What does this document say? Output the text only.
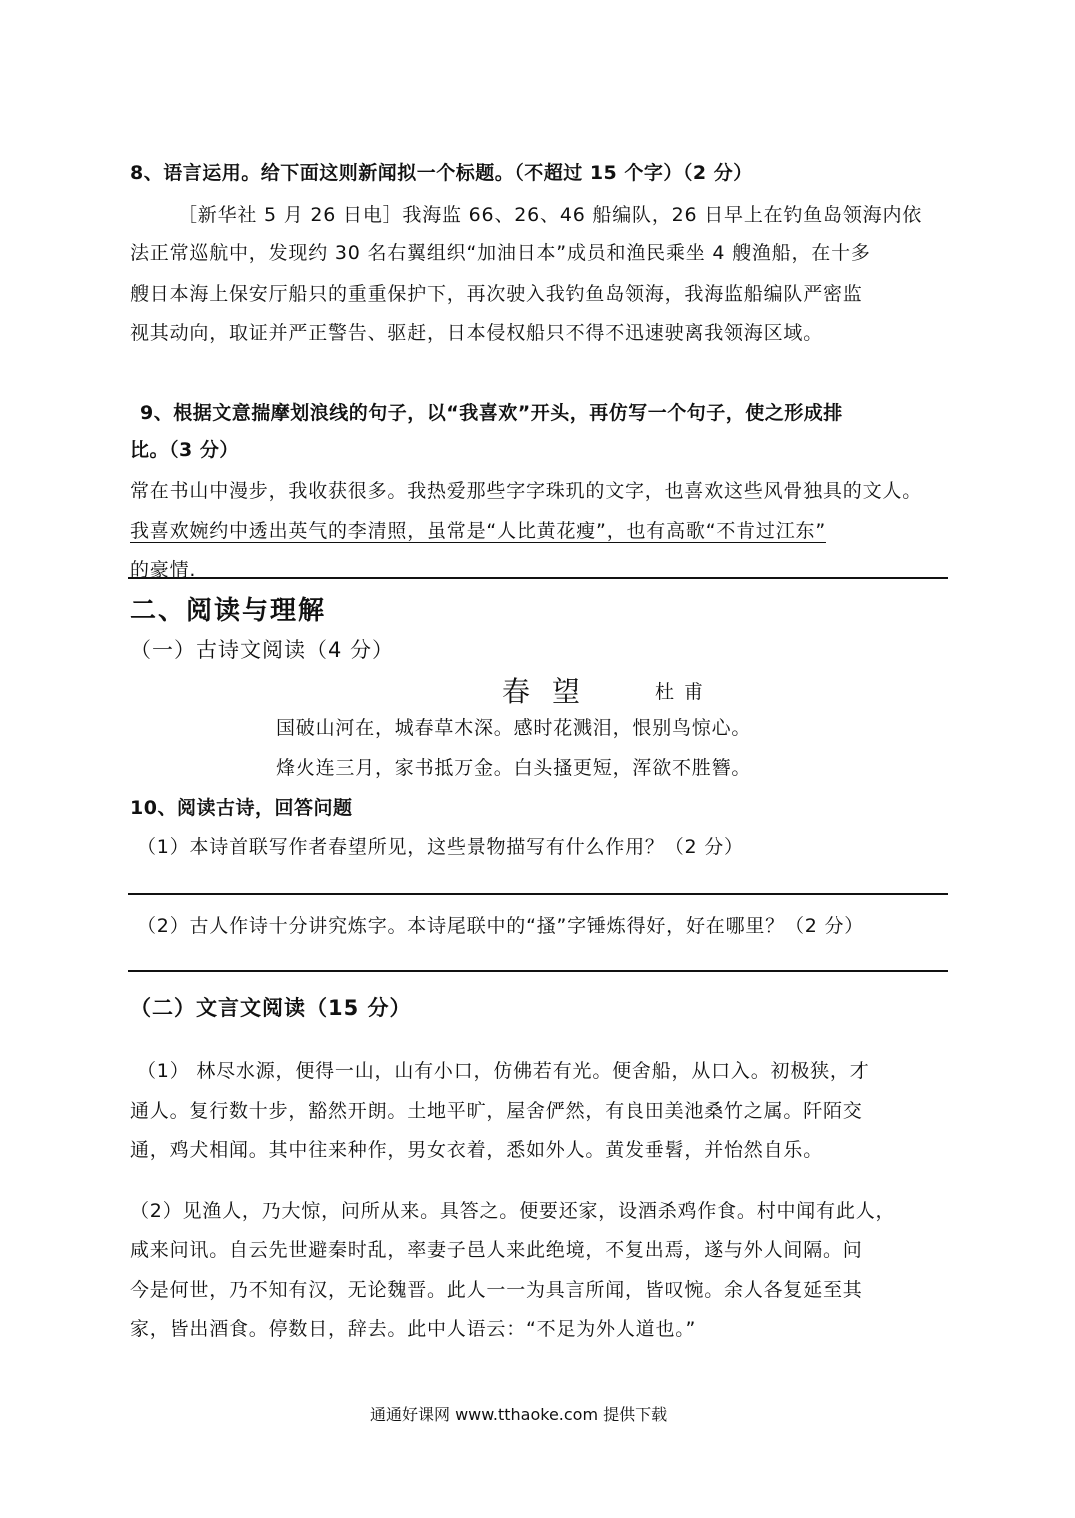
8、语言运用。给下面这则新闻拟一个标题。（不超过 15 个字）（2 分）
［新华社 5 月 26 日电］我海监 66、26、46 船编队，26 日早上在钓鱼岛领海内依
法正常巡航中，发现约 30 名右翼组织“加油日本”成员和渔民乘坐 4 艘渔船，在十多
艘日本海上保安厅船只的重重保护下，再次驶入我钓鱼岛领海，我海监船编队严密监
视其动向，取证并严正警告、驱赶，日本侵权船只不得不迅速驶离我领海区域。
9、根据文意揣摩划浪线的句子，以“我喜欢”开头，再仿写一个句子，使之形成排
比。（3 分）
常在书山中漫步，我收获很多。我热爱那些字字珠玑的文字，也喜欢这些风骨独具的文人。
我喜欢婉约中透出英气的李清照，虽常是“人比黄花瘦”，也有高歌“不肯过江东”
的豪情.
二、阅读与理解
（一）古诗文阅读（4 分）
春望	杜甫
国破山河在，城春草木深。感时花溅泪，恨别鸟惊心。
烽火连三月，家书抵万金。白头搔更短，浑欲不胜簪。
10、阅读古诗，回答问题
（1）本诗首联写作者春望所见，这些景物描写有什么作用？（2 分）
（2）古人作诗十分讲究炼字。本诗尾联中的“搔”字锤炼得好，好在哪里？（2 分）
（二）文言文阅读（15 分）
（1） 林尽水源，便得一山，山有小口，仿佛若有光。便舍船，从口入。初极狭，才
通人。复行数十步，豁然开朗。土地平旷，屋舍俨然，有良田美池桑竹之属。阡陌交
通，鸡犬相闻。其中往来种作，男女衣着，悉如外人。黄发垂髫，并怡然自乐。
（2）见渔人，乃大惊，问所从来。具答之。便要还家，设酒杀鸡作食。村中闻有此人，
咸来问讯。自云先世避秦时乱，率妻子邑人来此绝境，不复出焉，遂与外人间隔。问
今是何世，乃不知有汉，无论魏晋。此人一一为具言所闻，皆叹惋。余人各复延至其
家，皆出酒食。停数日，辞去。此中人语云：“不足为外人道也。”
通通好课网 www.tthaoke.com 提供下载
